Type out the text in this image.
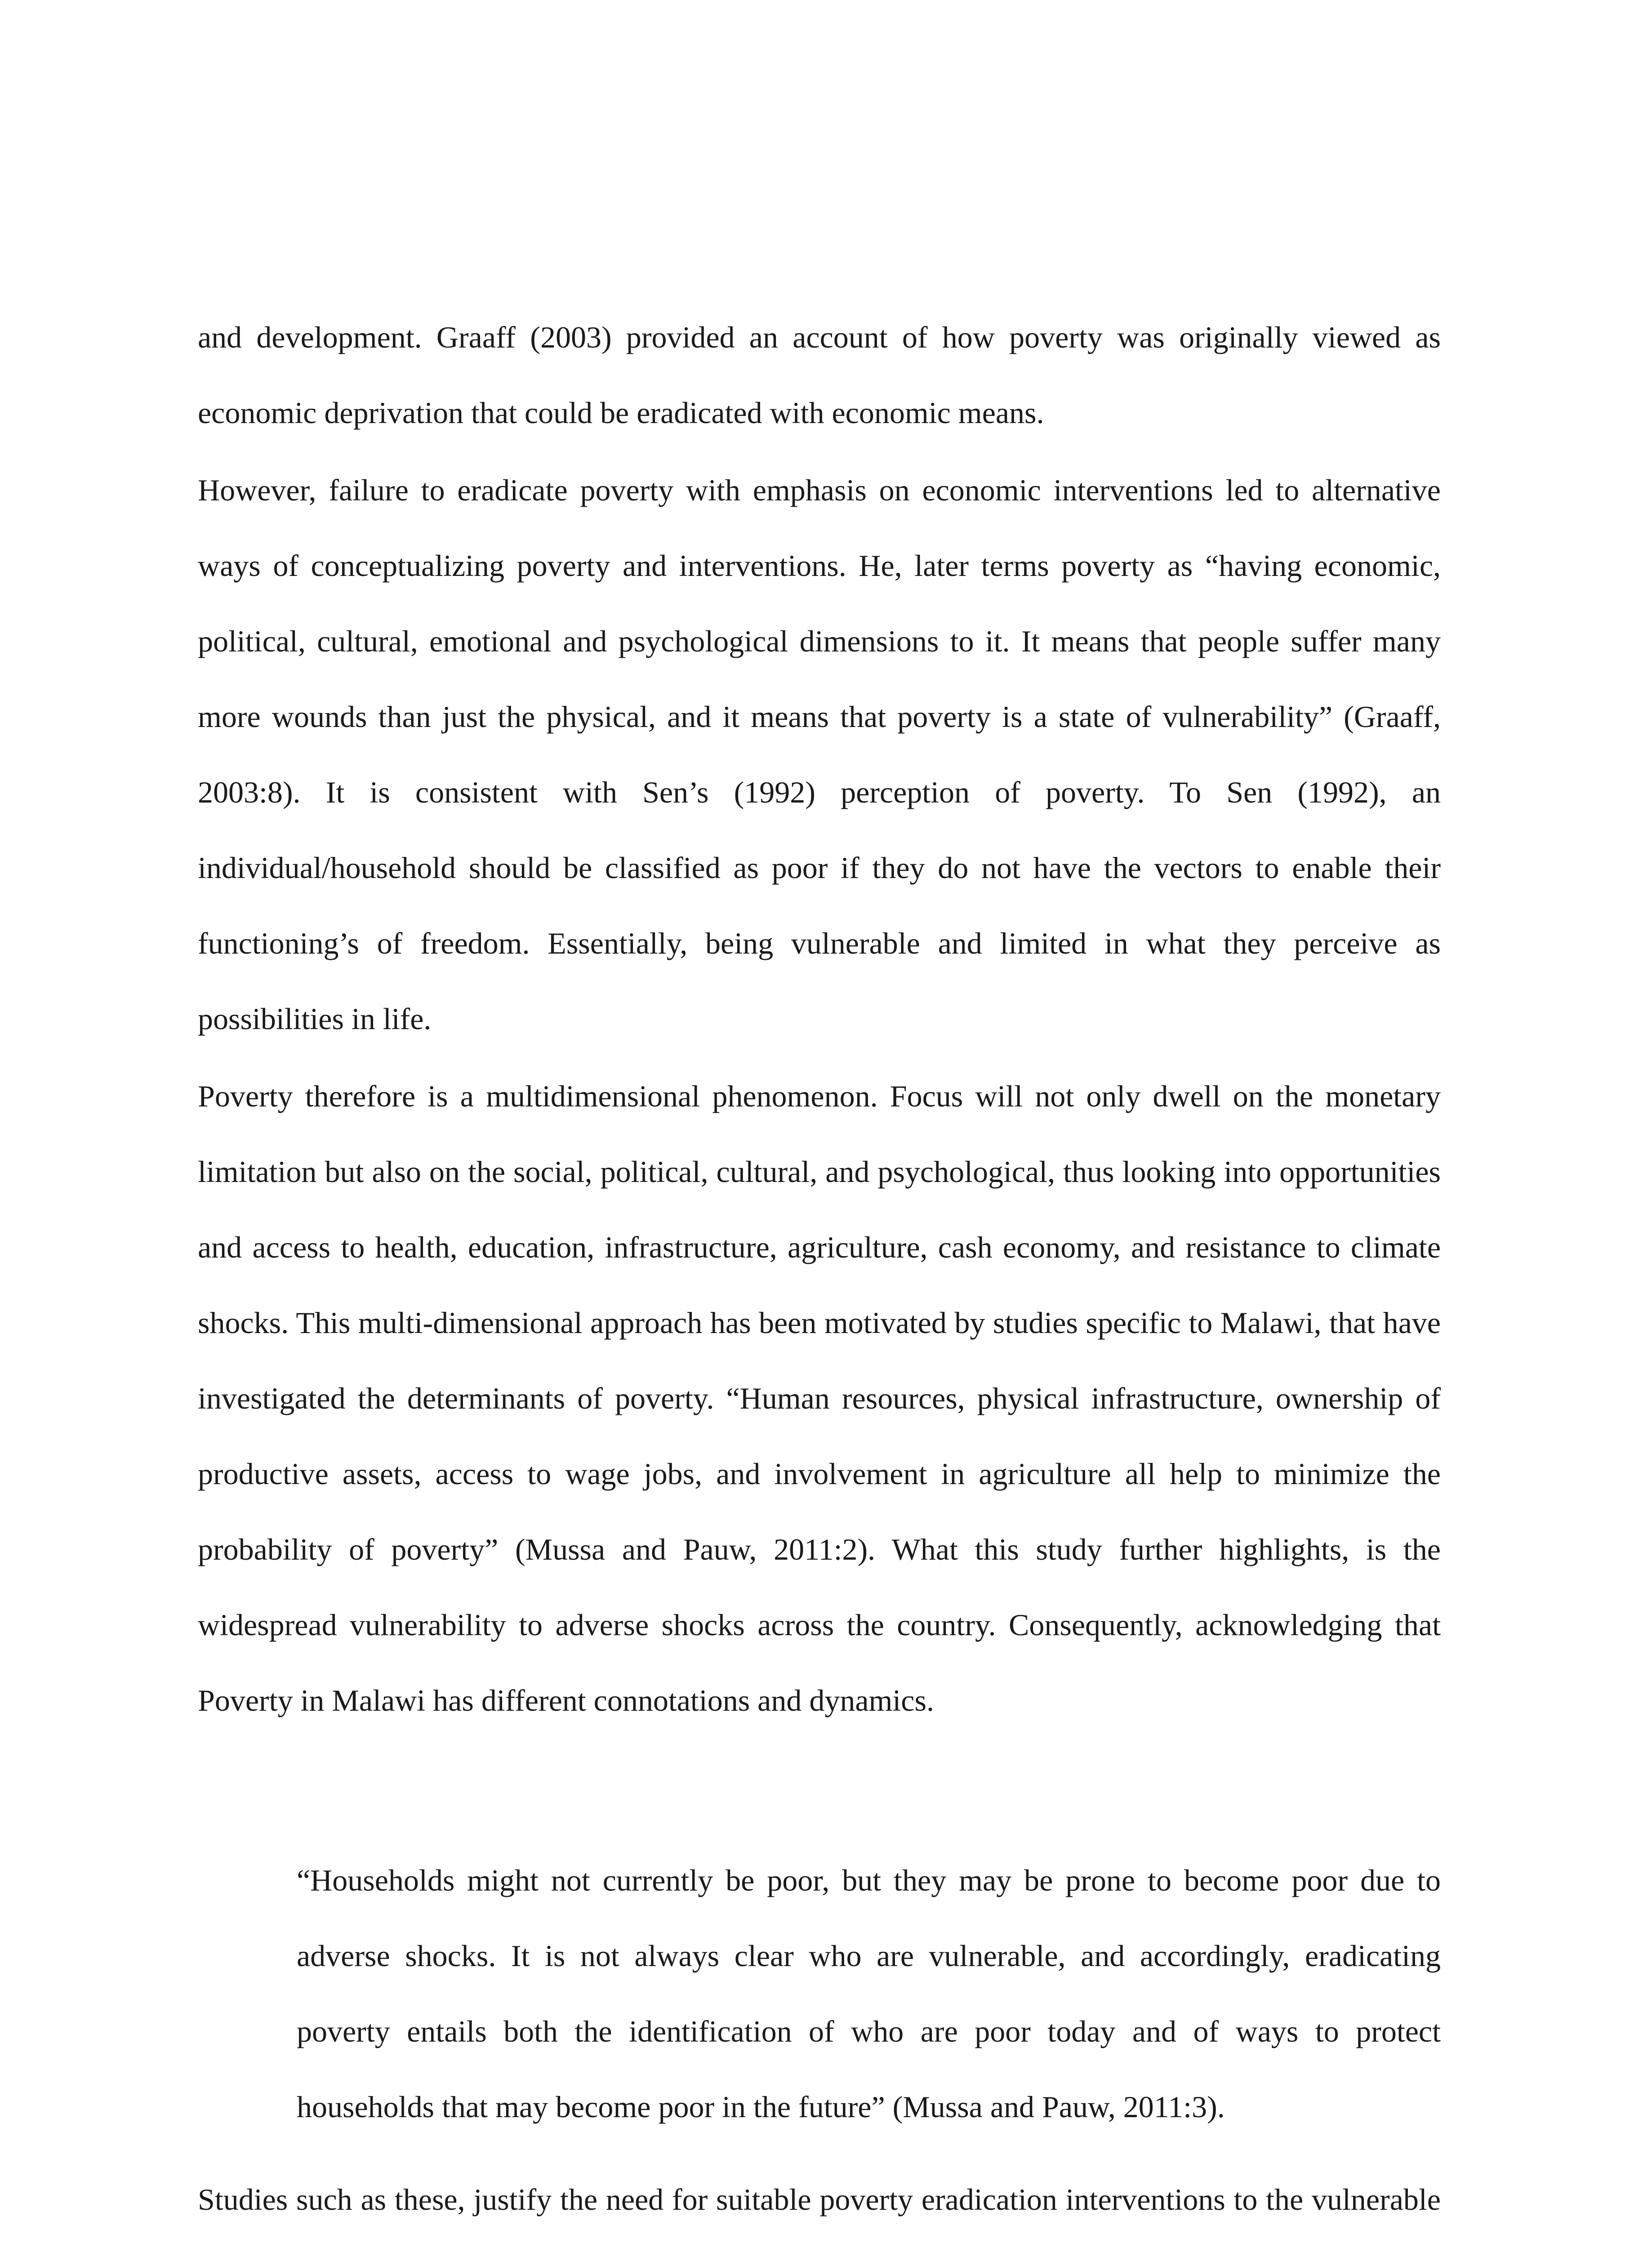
and development. Graaff (2003) provided an account of how poverty was originally viewed as economic deprivation that could be eradicated with economic means.

However, failure to eradicate poverty with emphasis on economic interventions led to alternative ways of conceptualizing poverty and interventions. He, later terms poverty as “having economic, political, cultural, emotional and psychological dimensions to it. It means that people suffer many more wounds than just the physical, and it means that poverty is a state of vulnerability” (Graaff, 2003:8). It is consistent with Sen’s (1992) perception of poverty. To Sen (1992), an individual/household should be classified as poor if they do not have the vectors to enable their functioning’s of freedom. Essentially, being vulnerable and limited in what they perceive as possibilities in life.

Poverty therefore is a multidimensional phenomenon. Focus will not only dwell on the monetary limitation but also on the social, political, cultural, and psychological, thus looking into opportunities and access to health, education, infrastructure, agriculture, cash economy, and resistance to climate shocks. This multi-dimensional approach has been motivated by studies specific to Malawi, that have investigated the determinants of poverty. “Human resources, physical infrastructure, ownership of productive assets, access to wage jobs, and involvement in agriculture all help to minimize the probability of poverty” (Mussa and Pauw, 2011:2). What this study further highlights, is the widespread vulnerability to adverse shocks across the country. Consequently, acknowledging that Poverty in Malawi has different connotations and dynamics.

“Households might not currently be poor, but they may be prone to become poor due to adverse shocks. It is not always clear who are vulnerable, and accordingly, eradicating poverty entails both the identification of who are poor today and of ways to protect households that may become poor in the future” (Mussa and Pauw, 2011:3).

Studies such as these, justify the need for suitable poverty eradication interventions to the vulnerable
